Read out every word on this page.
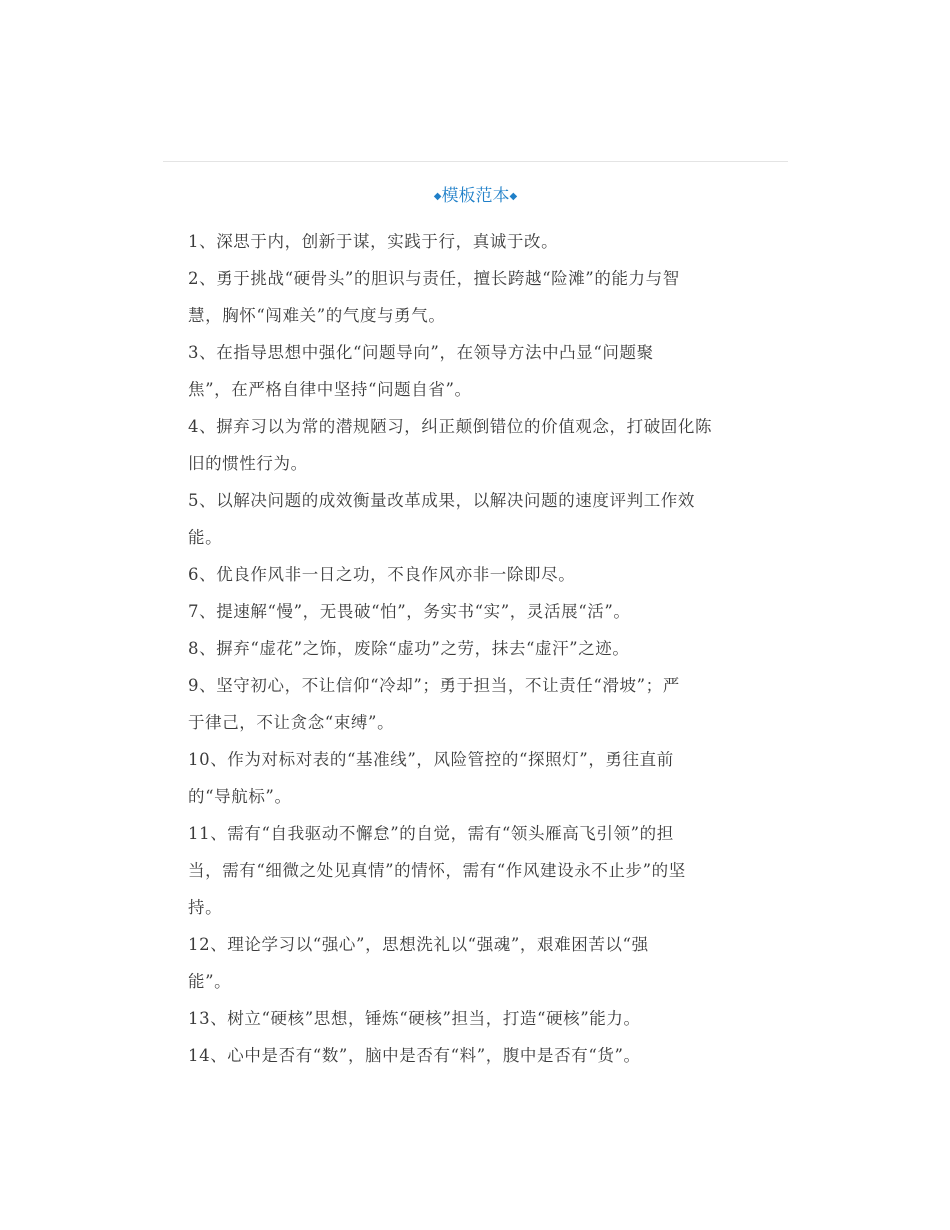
◆模板范本◆

1、深思于内，创新于谋，实践于行，真诚于改。

2、勇于挑战“硬骨头”的胆识与责任，擅长跨越“险滩”的能力与智
慧，胸怀“闯难关”的气度与勇气。

3、在指导思想中强化“问题导向”，在领导方法中凸显“问题聚
焦”，在严格自律中坚持“问题自省”。

4、摒弃习以为常的潜规陋习，纠正颠倒错位的价值观念，打破固化陈
旧的惯性行为。

5、以解决问题的成效衡量改革成果，以解决问题的速度评判工作效
能。

6、优良作风非一日之功，不良作风亦非一除即尽。

7、提速解“慢”，无畏破“怕”，务实书“实”，灵活展“活”。

8、摒弃“虚花”之饰，废除“虚功”之劳，抹去“虚汗”之迹。

9、坚守初心，不让信仰“冷却”；勇于担当，不让责任“滑坡”；严
于律己，不让贪念“束缚”。

10、作为对标对表的“基准线”，风险管控的“探照灯”，勇往直前
的“导航标”。

11、需有“自我驱动不懈怠”的自觉，需有“领头雁高飞引领”的担
当，需有“细微之处见真情”的情怀，需有“作风建设永不止步”的坚
持。

12、理论学习以“强心”，思想洗礼以“强魂”，艰难困苦以“强
能”。

13、树立“硬核”思想，锤炼“硬核”担当，打造“硬核”能力。

14、心中是否有“数”，脑中是否有“料”，腹中是否有“货”。
